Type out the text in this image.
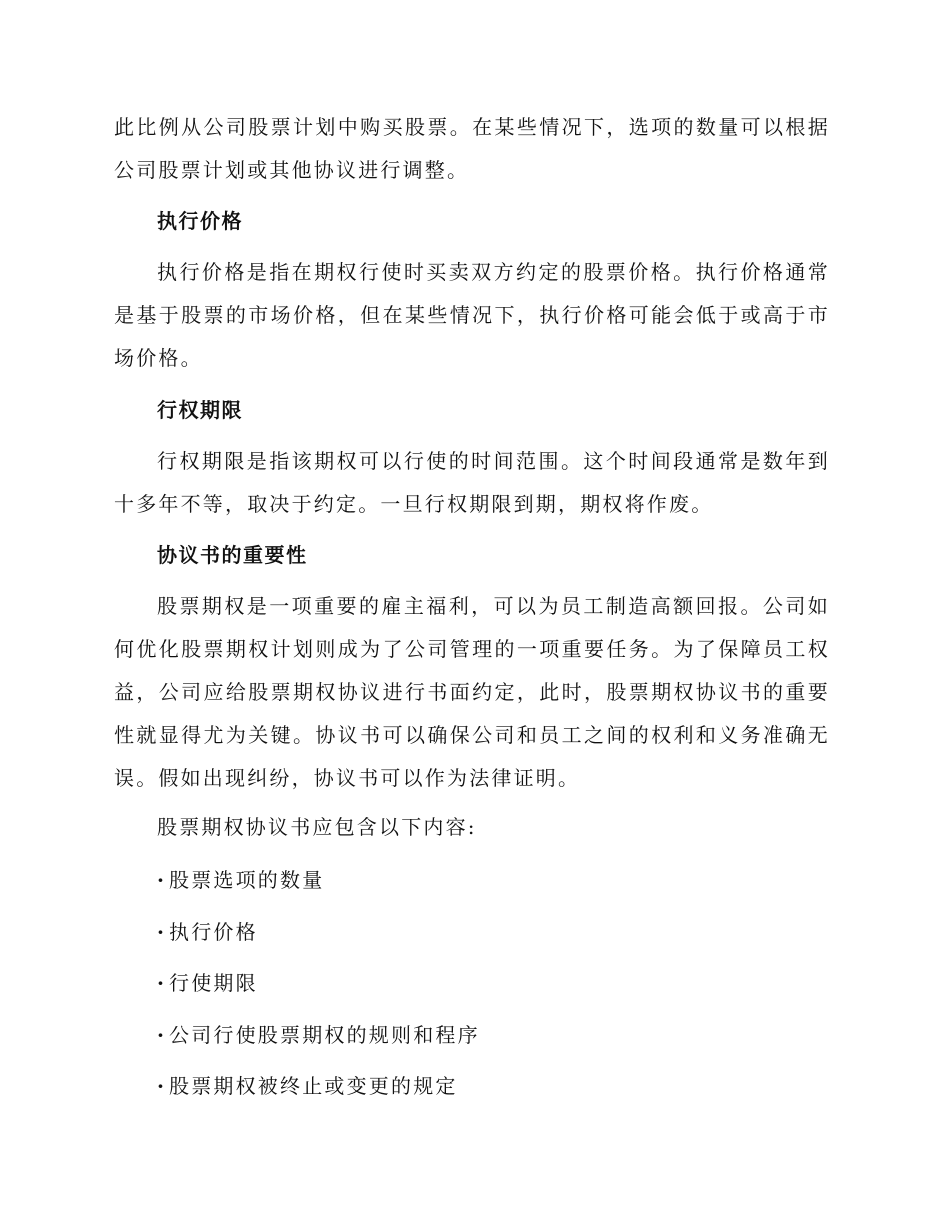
此比例从公司股票计划中购买股票。在某些情况下，选项的数量可以根据公司股票计划或其他协议进行调整。

执行价格

执行价格是指在期权行使时买卖双方约定的股票价格。执行价格通常是基于股票的市场价格，但在某些情况下，执行价格可能会低于或高于市场价格。

行权期限

行权期限是指该期权可以行使的时间范围。这个时间段通常是数年到十多年不等，取决于约定。一旦行权期限到期，期权将作废。

协议书的重要性

股票期权是一项重要的雇主福利，可以为员工制造高额回报。公司如何优化股票期权计划则成为了公司管理的一项重要任务。为了保障员工权益，公司应给股票期权协议进行书面约定，此时，股票期权协议书的重要性就显得尤为关键。协议书可以确保公司和员工之间的权利和义务准确无误。假如出现纠纷，协议书可以作为法律证明。

股票期权协议书应包含以下内容:

· 股票选项的数量
· 执行价格
· 行使期限
· 公司行使股票期权的规则和程序
· 股票期权被终止或变更的规定
